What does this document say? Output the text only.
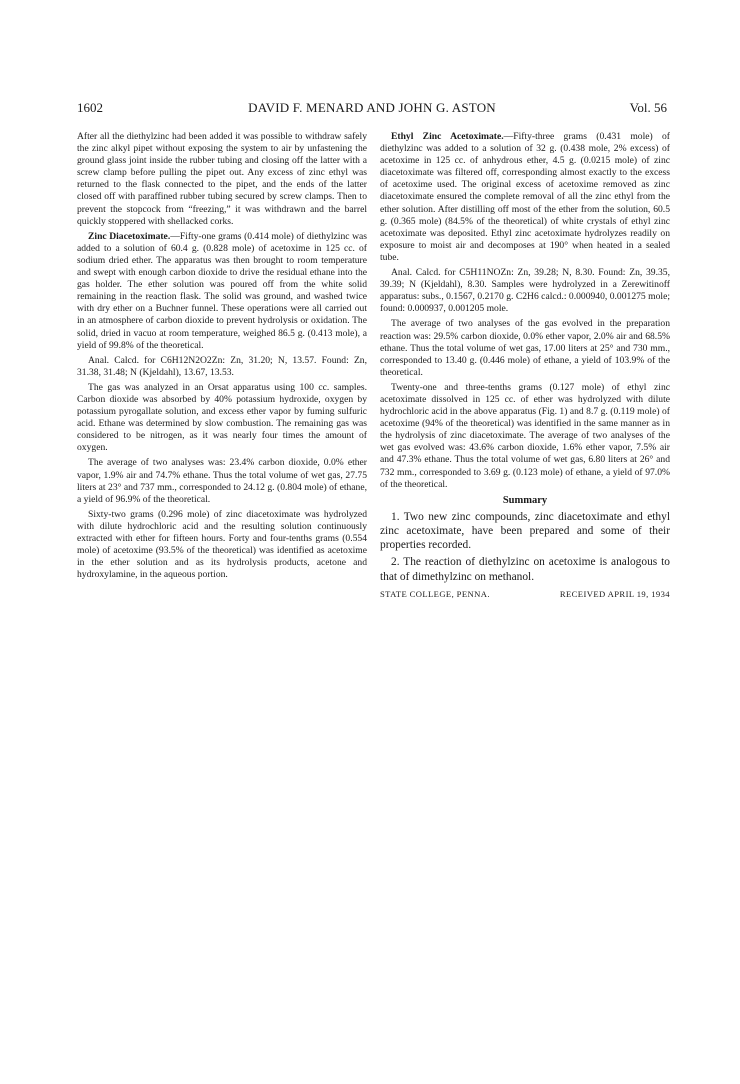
1602	DAVID F. MENARD AND JOHN G. ASTON	Vol. 56

After all the diethylzinc had been added it was possible to withdraw safely the zinc alkyl pipet without exposing the system to air by unfastening the ground glass joint inside the rubber tubing and closing off the latter with a screw clamp before pulling the pipet out. Any excess of zinc ethyl was returned to the flask connected to the pipet, and the ends of the latter closed off with paraffined rubber tubing secured by screw clamps. Then to prevent the stopcock from “freezing,” it was withdrawn and the barrel quickly stoppered with shellacked corks.

Zinc Diacetoximate.—Fifty-one grams (0.414 mole) of diethylzinc was added to a solution of 60.4 g. (0.828 mole) of acetoxime in 125 cc. of sodium dried ether. The apparatus was then brought to room temperature and swept with enough carbon dioxide to drive the residual ethane into the gas holder. The ether solution was poured off from the white solid remaining in the reaction flask. The solid was ground, and washed twice with dry ether on a Buchner funnel. These operations were all carried out in an atmosphere of carbon dioxide to prevent hydrolysis or oxidation. The solid, dried in vacuo at room temperature, weighed 86.5 g. (0.413 mole), a yield of 99.8% of the theoretical.

Anal. Calcd. for C6H12N2O2Zn: Zn, 31.20; N, 13.57. Found: Zn, 31.38, 31.48; N (Kjeldahl), 13.67, 13.53.

The gas was analyzed in an Orsat apparatus using 100 cc. samples. Carbon dioxide was absorbed by 40% potassium hydroxide, oxygen by potassium pyrogallate solution, and excess ether vapor by fuming sulfuric acid. Ethane was determined by slow combustion. The remaining gas was considered to be nitrogen, as it was nearly four times the amount of oxygen.

The average of two analyses was: 23.4% carbon dioxide, 0.0% ether vapor, 1.9% air and 74.7% ethane. Thus the total volume of wet gas, 27.75 liters at 23° and 737 mm., corresponded to 24.12 g. (0.804 mole) of ethane, a yield of 96.9% of the theoretical.

Sixty-two grams (0.296 mole) of zinc diacetoximate was hydrolyzed with dilute hydrochloric acid and the resulting solution continuously extracted with ether for fifteen hours. Forty and four-tenths grams (0.554 mole) of acetoxime (93.5% of the theoretical) was identified as acetoxime in the ether solution and as its hydrolysis products, acetone and hydroxylamine, in the aqueous portion.

Ethyl Zinc Acetoximate.—Fifty-three grams (0.431 mole) of diethylzinc was added to a solution of 32 g. (0.438 mole, 2% excess) of acetoxime in 125 cc. of anhydrous ether, 4.5 g. (0.0215 mole) of zinc diacetoximate was filtered off, corresponding almost exactly to the excess of acetoxime used. The original excess of acetoxime removed as zinc diacetoximate ensured the complete removal of all the zinc ethyl from the ether solution. After distilling off most of the ether from the solution, 60.5 g. (0.365 mole) (84.5% of the theoretical) of white crystals of ethyl zinc acetoximate was deposited. Ethyl zinc acetoximate hydrolyzes readily on exposure to moist air and decomposes at 190° when heated in a sealed tube.

Anal. Calcd. for C5H11NOZn: Zn, 39.28; N, 8.30. Found: Zn, 39.35, 39.39; N (Kjeldahl), 8.30. Samples were hydrolyzed in a Zerewitinoff apparatus: subs., 0.1567, 0.2170 g. C2H6 calcd.: 0.000940, 0.001275 mole; found: 0.000937, 0.001205 mole.

The average of two analyses of the gas evolved in the preparation reaction was: 29.5% carbon dioxide, 0.0% ether vapor, 2.0% air and 68.5% ethane. Thus the total volume of wet gas, 17.00 liters at 25° and 730 mm., corresponded to 13.40 g. (0.446 mole) of ethane, a yield of 103.9% of the theoretical.

Twenty-one and three-tenths grams (0.127 mole) of ethyl zinc acetoximate dissolved in 125 cc. of ether was hydrolyzed with dilute hydrochloric acid in the above apparatus (Fig. 1) and 8.7 g. (0.119 mole) of acetoxime (94% of the theoretical) was identified in the same manner as in the hydrolysis of zinc diacetoximate. The average of two analyses of the wet gas evolved was: 43.6% carbon dioxide, 1.6% ether vapor, 7.5% air and 47.3% ethane. Thus the total volume of wet gas, 6.80 liters at 26° and 732 mm., corresponded to 3.69 g. (0.123 mole) of ethane, a yield of 97.0% of the theoretical.

Summary

1. Two new zinc compounds, zinc diacetoximate and ethyl zinc acetoximate, have been prepared and some of their properties recorded.

2. The reaction of diethylzinc on acetoxime is analogous to that of dimethylzinc on methanol.

STATE COLLEGE, PENNA.	RECEIVED APRIL 19, 1934
